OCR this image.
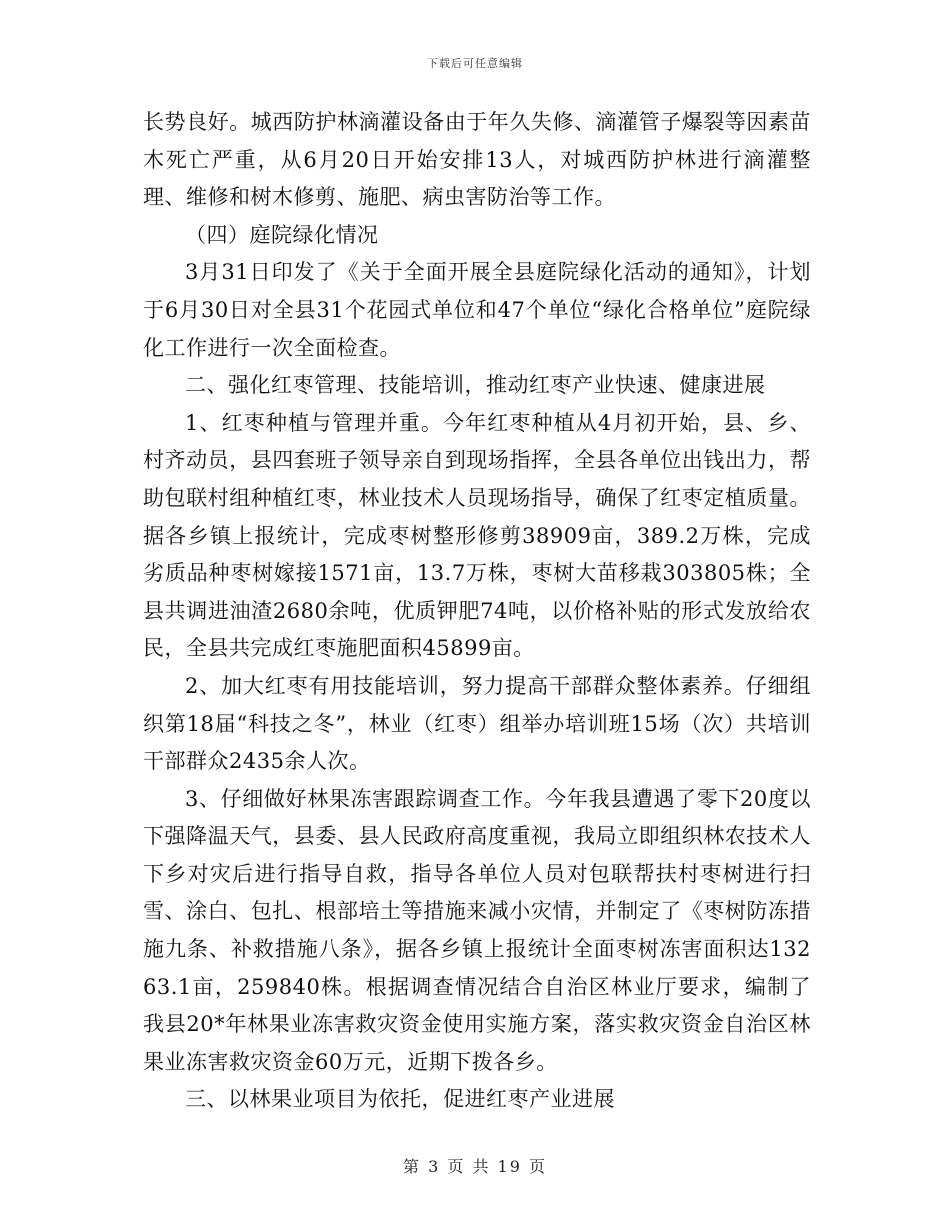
下载后可任意编辑

长势良好。城西防护林滴灌设备由于年久失修、滴灌管子爆裂等因素苗木死亡严重，从6月20日开始安排13人，对城西防护林进行滴灌整理、维修和树木修剪、施肥、病虫害防治等工作。

（四）庭院绿化情况

3月31日印发了《关于全面开展全县庭院绿化活动的通知》，计划于6月30日对全县31个花园式单位和47个单位“绿化合格单位”庭院绿化工作进行一次全面检查。

二、强化红枣管理、技能培训，推动红枣产业快速、健康进展

1、红枣种植与管理并重。今年红枣种植从4月初开始，县、乡、村齐动员，县四套班子领导亲自到现场指挥，全县各单位出钱出力，帮助包联村组种植红枣，林业技术人员现场指导，确保了红枣定植质量。据各乡镇上报统计，完成枣树整形修剪38909亩，389.2万株，完成劣质品种枣树嫁接1571亩，13.7万株，枣树大苗移栽303805株；全县共调进油渣2680余吨，优质钾肥74吨，以价格补贴的形式发放给农民，全县共完成红枣施肥面积45899亩。

2、加大红枣有用技能培训，努力提高干部群众整体素养。仔细组织第18届“科技之冬”，林业（红枣）组举办培训班15场（次）共培训干部群众2435余人次。

3、仔细做好林果冻害跟踪调查工作。今年我县遭遇了零下20度以下强降温天气，县委、县人民政府高度重视，我局立即组织林农技术人下乡对灾后进行指导自救，指导各单位人员对包联帮扶村枣树进行扫雪、涂白、包扎、根部培土等措施来减小灾情，并制定了《枣树防冻措施九条、补救措施八条》，据各乡镇上报统计全面枣树冻害面积达13263.1亩，259840株。根据调查情况结合自治区林业厅要求，编制了我县20*年林果业冻害救灾资金使用实施方案，落实救灾资金自治区林果业冻害救灾资金60万元，近期下拨各乡。

三、以林果业项目为依托，促进红枣产业进展

第 3 页 共 19 页
